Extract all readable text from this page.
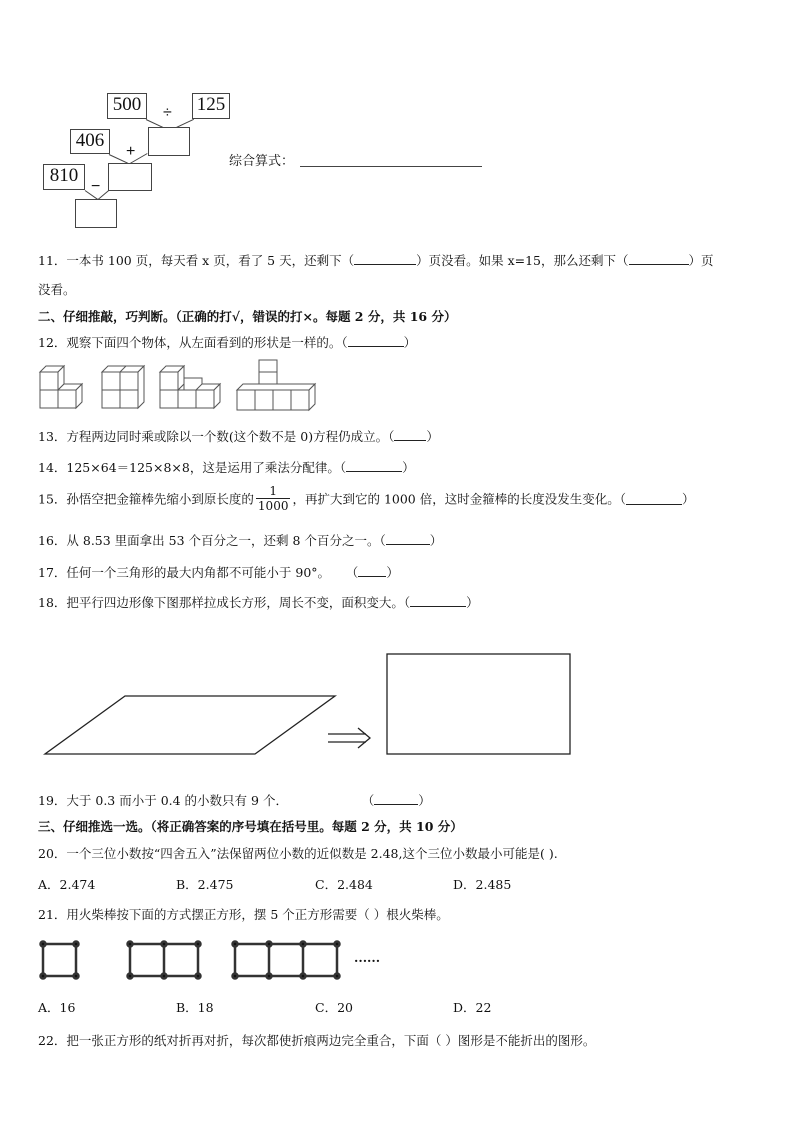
500	125
÷
406
+
810
−
综合算式：
11．一本书 100 页，每天看 x 页，看了 5 天，还剩下（	）页没看。如果 x=15，那么还剩下（	）页
没看。
二、仔细推敲，巧判断。（正确的打√，错误的打×。每题 2 分，共 16 分）
12．观察下面四个物体，从左面看到的形状是一样的。（	）
13．方程两边同时乘或除以一个数(这个数不是 0)方程仍成立。（	）
14．125×64＝125×8×8，这是运用了乘法分配律。（	）
15．孙悟空把金箍棒先缩小到原长度的 $\frac{1}{1000}$ ，再扩大到它的 1000 倍，这时金箍棒的长度没发生变化。（	）
16．从 8.53 里面拿出 53 个百分之一，还剩 8 个百分之一。（	）
17．任何一个三角形的最大内角都不可能小于 90°。 （ ）
18．把平行四边形像下图那样拉成长方形，周长不变，面积变大。（	）
19．大于 0.3 而小于 0.4 的小数只有 9 个．	（	）
三、仔细推选一选。（将正确答案的序号填在括号里。每题 2 分，共 10 分）
20．一个三位小数按“四舍五入”法保留两位小数的近似数是 2.48,这个三位小数最小可能是( ).
A．2.474	B．2.475	C．2.484	D．2.485
21．用火柴棒按下面的方式摆正方形，摆 5 个正方形需要（ ）根火柴棒。
......
A．16	B．18	C．20	D．22
22．把一张正方形的纸对折再对折，每次都使折痕两边完全重合，下面（ ）图形是不能折出的图形。
